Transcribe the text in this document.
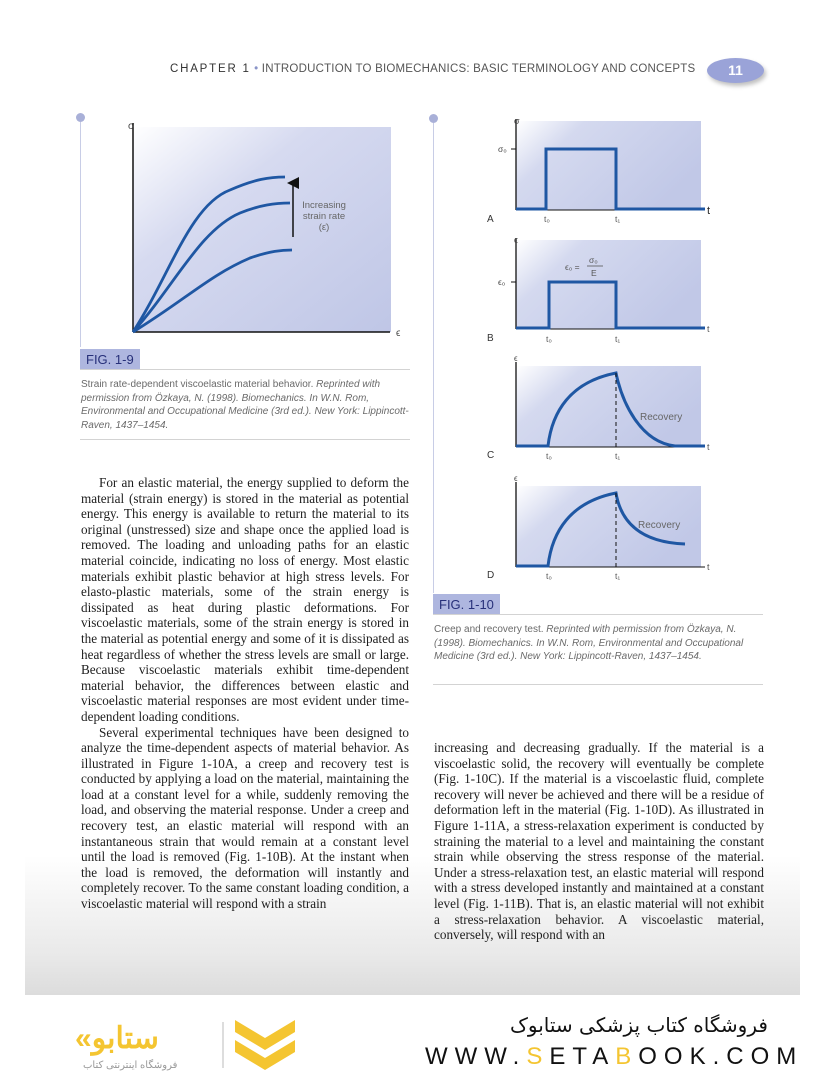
CHAPTER 1 • INTRODUCTION TO BIOMECHANICS: BASIC TERMINOLOGY AND CONCEPTS	11
σ
ϵ
Increasing
strain rate
(ε̇)
FIG. 1-9
Strain rate-dependent viscoelastic material behavior. Reprinted with permission from Özkaya, N. (1998). Biomechanics. In W.N. Rom, Environmental and Occupational Medicine (3rd ed.). New York: Lippincott-Raven, 1437–1454.
σ
σ₀
t
t₀	t₁
A
ϵ
ϵ₀
ϵ₀ =
σ₀
E
t
t₀	t₁
B
Recovery
ϵ
t
t₀	t₁
C
Recovery
ϵ
t
t₀	t₁
D
FIG. 1-10
Creep and recovery test. Reprinted with permission from Özkaya, N. (1998). Biomechanics. In W.N. Rom, Environmental and Occupational Medicine (3rd ed.). New York: Lippincott-Raven, 1437–1454.

For an elastic material, the energy supplied to deform the material (strain energy) is stored in the material as potential energy. This energy is available to return the material to its original (unstressed) size and shape once the applied load is removed. The loading and unloading paths for an elastic material coincide, indicating no loss of energy. Most elastic materials exhibit plastic behavior at high stress levels. For elasto-plastic materials, some of the strain energy is dissipated as heat during plastic deformations. For viscoelastic materials, some of the strain energy is stored in the material as potential energy and some of it is dissipated as heat regardless of whether the stress levels are small or large. Because viscoelastic materials exhibit time-dependent material behavior, the differences between elastic and viscoelastic material responses are most evident under time-dependent loading conditions.

Several experimental techniques have been designed to analyze the time-dependent aspects of material behavior. As illustrated in Figure 1-10A, a creep and recovery test is conducted by applying a load on the material, maintaining the load at a constant level for a while, suddenly removing the load, and observing the material response. Under a creep and recovery test, an elastic material will respond with an instantaneous strain that would remain at a constant level until the load is removed (Fig. 1-10B). At the instant when the load is removed, the deformation will instantly and completely recover. To the same constant loading condition, a viscoelastic material will respond with a strain

increasing and decreasing gradually. If the material is a viscoelastic solid, the recovery will eventually be complete (Fig. 1-10C). If the material is a viscoelastic fluid, complete recovery will never be achieved and there will be a residue of deformation left in the material (Fig. 1-10D). As illustrated in Figure 1-11A, a stress-relaxation experiment is conducted by straining the material to a level and maintaining the constant strain while observing the stress response of the material. Under a stress-relaxation test, an elastic material will respond with a stress developed instantly and maintained at a constant level (Fig. 1-11B). That is, an elastic material will not exhibit a stress-relaxation behavior. A viscoelastic material, conversely, will respond with an

«ﺳﺘﺎﺑﻮ
فروشگاه اینترنتی کتاب
فروشگاه کتاب پزشکی ستابوک
WWW.SETABOOK.COM
